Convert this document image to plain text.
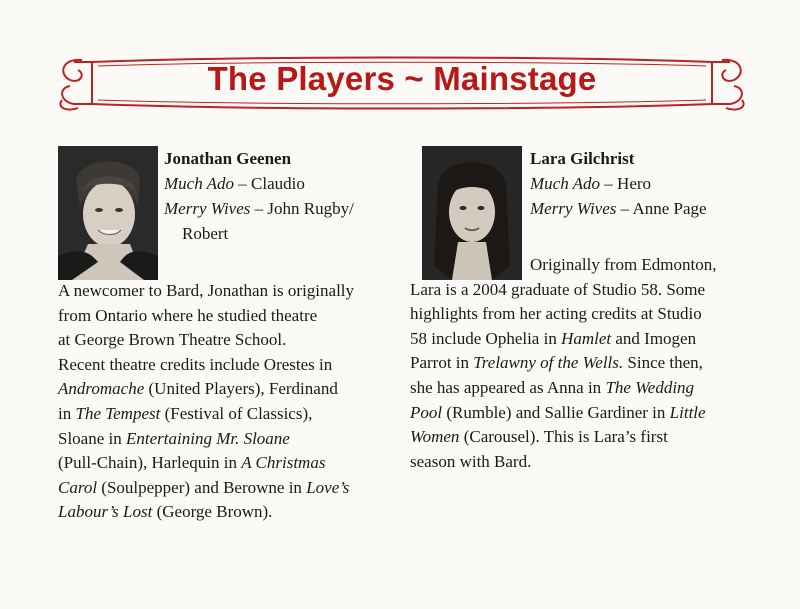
The Players ~ Mainstage
Jonathan Geenen
Much Ado – Claudio
Merry Wives – John Rugby/
Robert
A newcomer to Bard, Jonathan is originally
from Ontario where he studied theatre
at George Brown Theatre School.
Recent theatre credits include Orestes in
Andromache (United Players), Ferdinand
in The Tempest (Festival of Classics),
Sloane in Entertaining Mr. Sloane
(Pull-Chain), Harlequin in A Christmas
Carol (Soulpepper) and Berowne in Love’s
Labour’s Lost (George Brown).
Lara Gilchrist
Much Ado – Hero
Merry Wives – Anne Page
Originally from Edmonton,
Lara is a 2004 graduate of Studio 58. Some
highlights from her acting credits at Studio
58 include Ophelia in Hamlet and Imogen
Parrot in Trelawny of the Wells. Since then,
she has appeared as Anna in The Wedding
Pool (Rumble) and Sallie Gardiner in Little
Women (Carousel). This is Lara’s first
season with Bard.
